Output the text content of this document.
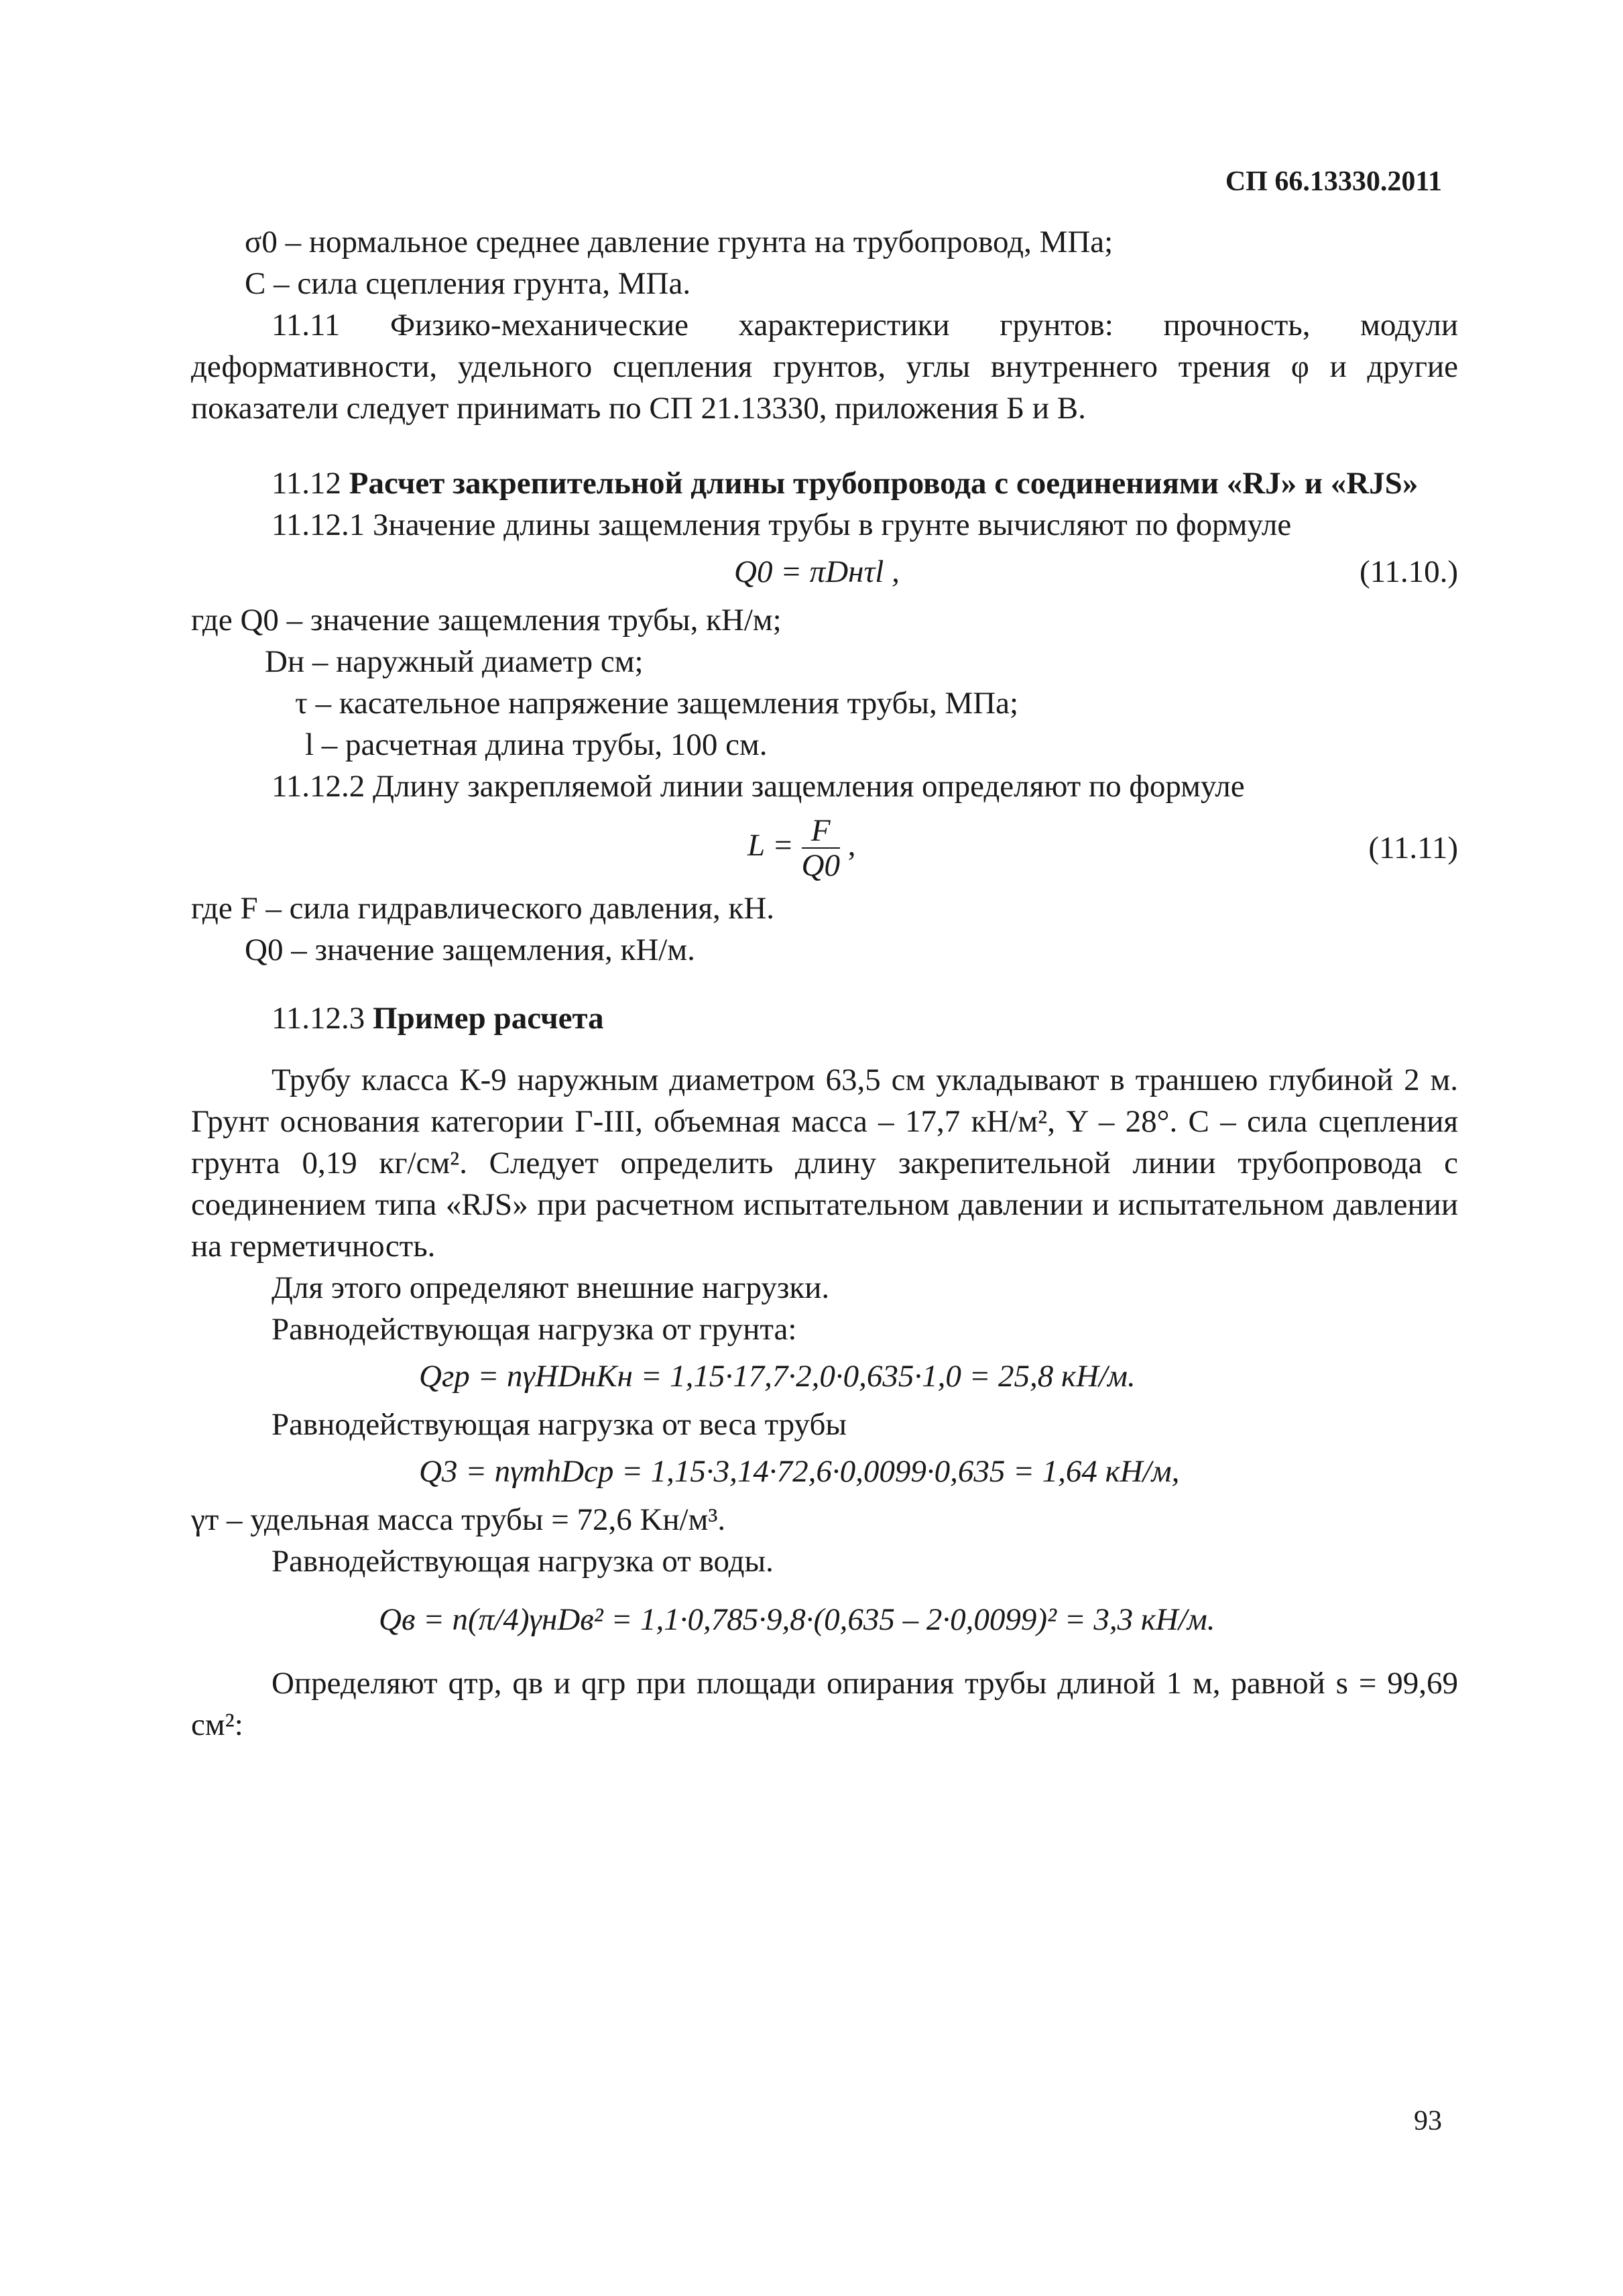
СП 66.13330.2011

σ0 – нормальное среднее давление грунта на трубопровод, МПа;

C – сила сцепления грунта, МПа.

11.11 Физико-механические характеристики грунтов: прочность, модули деформативности, удельного сцепления грунтов, углы внутреннего трения φ и другие показатели следует принимать по СП 21.13330, приложения Б и В.

11.12 Расчет закрепительной длины трубопровода с соединениями «RJ» и «RJS»

11.12.1 Значение длины защемления трубы в грунте вычисляют по формуле

Q0 = πDнτl ,	(11.10.)

где Q0 – значение защемления трубы, кН/м;

Dн – наружный диаметр см;

τ – касательное напряжение защемления трубы, МПа;

l – расчетная длина трубы, 100 см.

11.12.2 Длину закрепляемой линии защемления определяют по формуле

$L = \frac{F}{Q0}$ ,	(11.11)

где F – сила гидравлического давления, кН.

Q0 – значение защемления, кН/м.

11.12.3 Пример расчета

Трубу класса К-9 наружным диаметром 63,5 см укладывают в траншею глубиной 2 м. Грунт основания категории Г-III, объемная масса – 17,7 кН/м², Y – 28°. C – сила сцепления грунта 0,19 кг/см². Следует определить длину закрепительной линии трубопровода с соединением типа «RJS» при расчетном испытательном давлении и испытательном давлении на герметичность.

Для этого определяют внешние нагрузки.

Равнодействующая нагрузка от грунта:

Qгр = nγHDнKн = 1,15·17,7·2,0·0,635·1,0 = 25,8 кН/м.

Равнодействующая нагрузка от веса трубы

Q3 = nγтhDср = 1,15·3,14·72,6·0,0099·0,635 = 1,64 кН/м,

γт – удельная масса трубы = 72,6 Kн/м³.

Равнодействующая нагрузка от воды.

Qв = n(π/4)γнDв² = 1,1·0,785·9,8·(0,635 – 2·0,0099)² = 3,3 кН/м.

Определяют qтр, qв и qгр при площади опирания трубы длиной 1 м, равной s = 99,69 см²:

93
